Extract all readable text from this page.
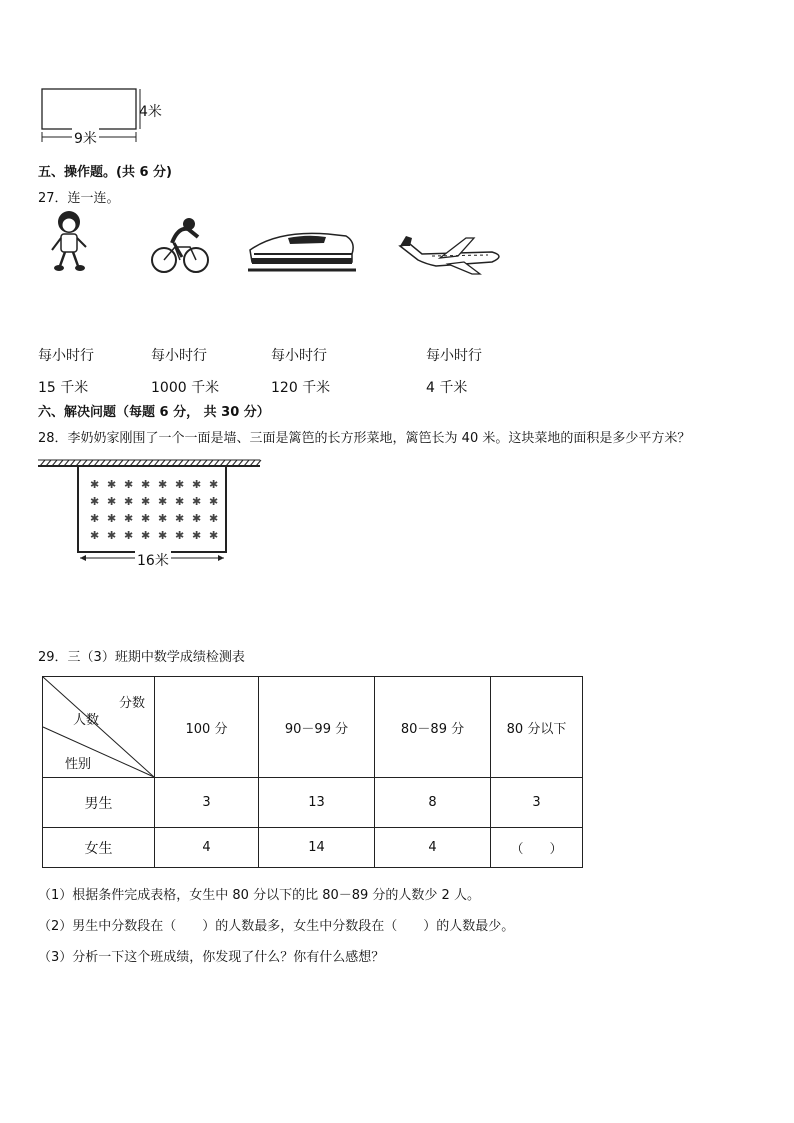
4米
9米
五、操作题。(共 6 分)
27．连一连。
每小时行
15 千米
每小时行
1000 千米
每小时行
120 千米
每小时行
4 千米
六、解决问题（每题 6 分， 共 30 分）
28．李奶奶家刚围了一个一面是墙、三面是篱笆的长方形菜地，篱笆长为 40 米。这块菜地的面积是多少平方米？
✱ ✱ ✱ ✱ ✱ ✱ ✱ ✱
✱ ✱ ✱ ✱ ✱ ✱ ✱ ✱
✱ ✱ ✱ ✱ ✱ ✱ ✱ ✱
✱ ✱ ✱ ✱ ✱ ✱ ✱ ✱
16米
29．三（3）班期中数学成绩检测表
分数
人数
性别	100 分	90－99 分	80－89 分	80 分以下
男生	3	13	8	3
女生	4	14	4	（　　）
（1）根据条件完成表格，女生中 80 分以下的比 80－89 分的人数少 2 人。
（2）男生中分数段在（　　）的人数最多，女生中分数段在（　　）的人数最少。
（3）分析一下这个班成绩，你发现了什么？你有什么感想？
